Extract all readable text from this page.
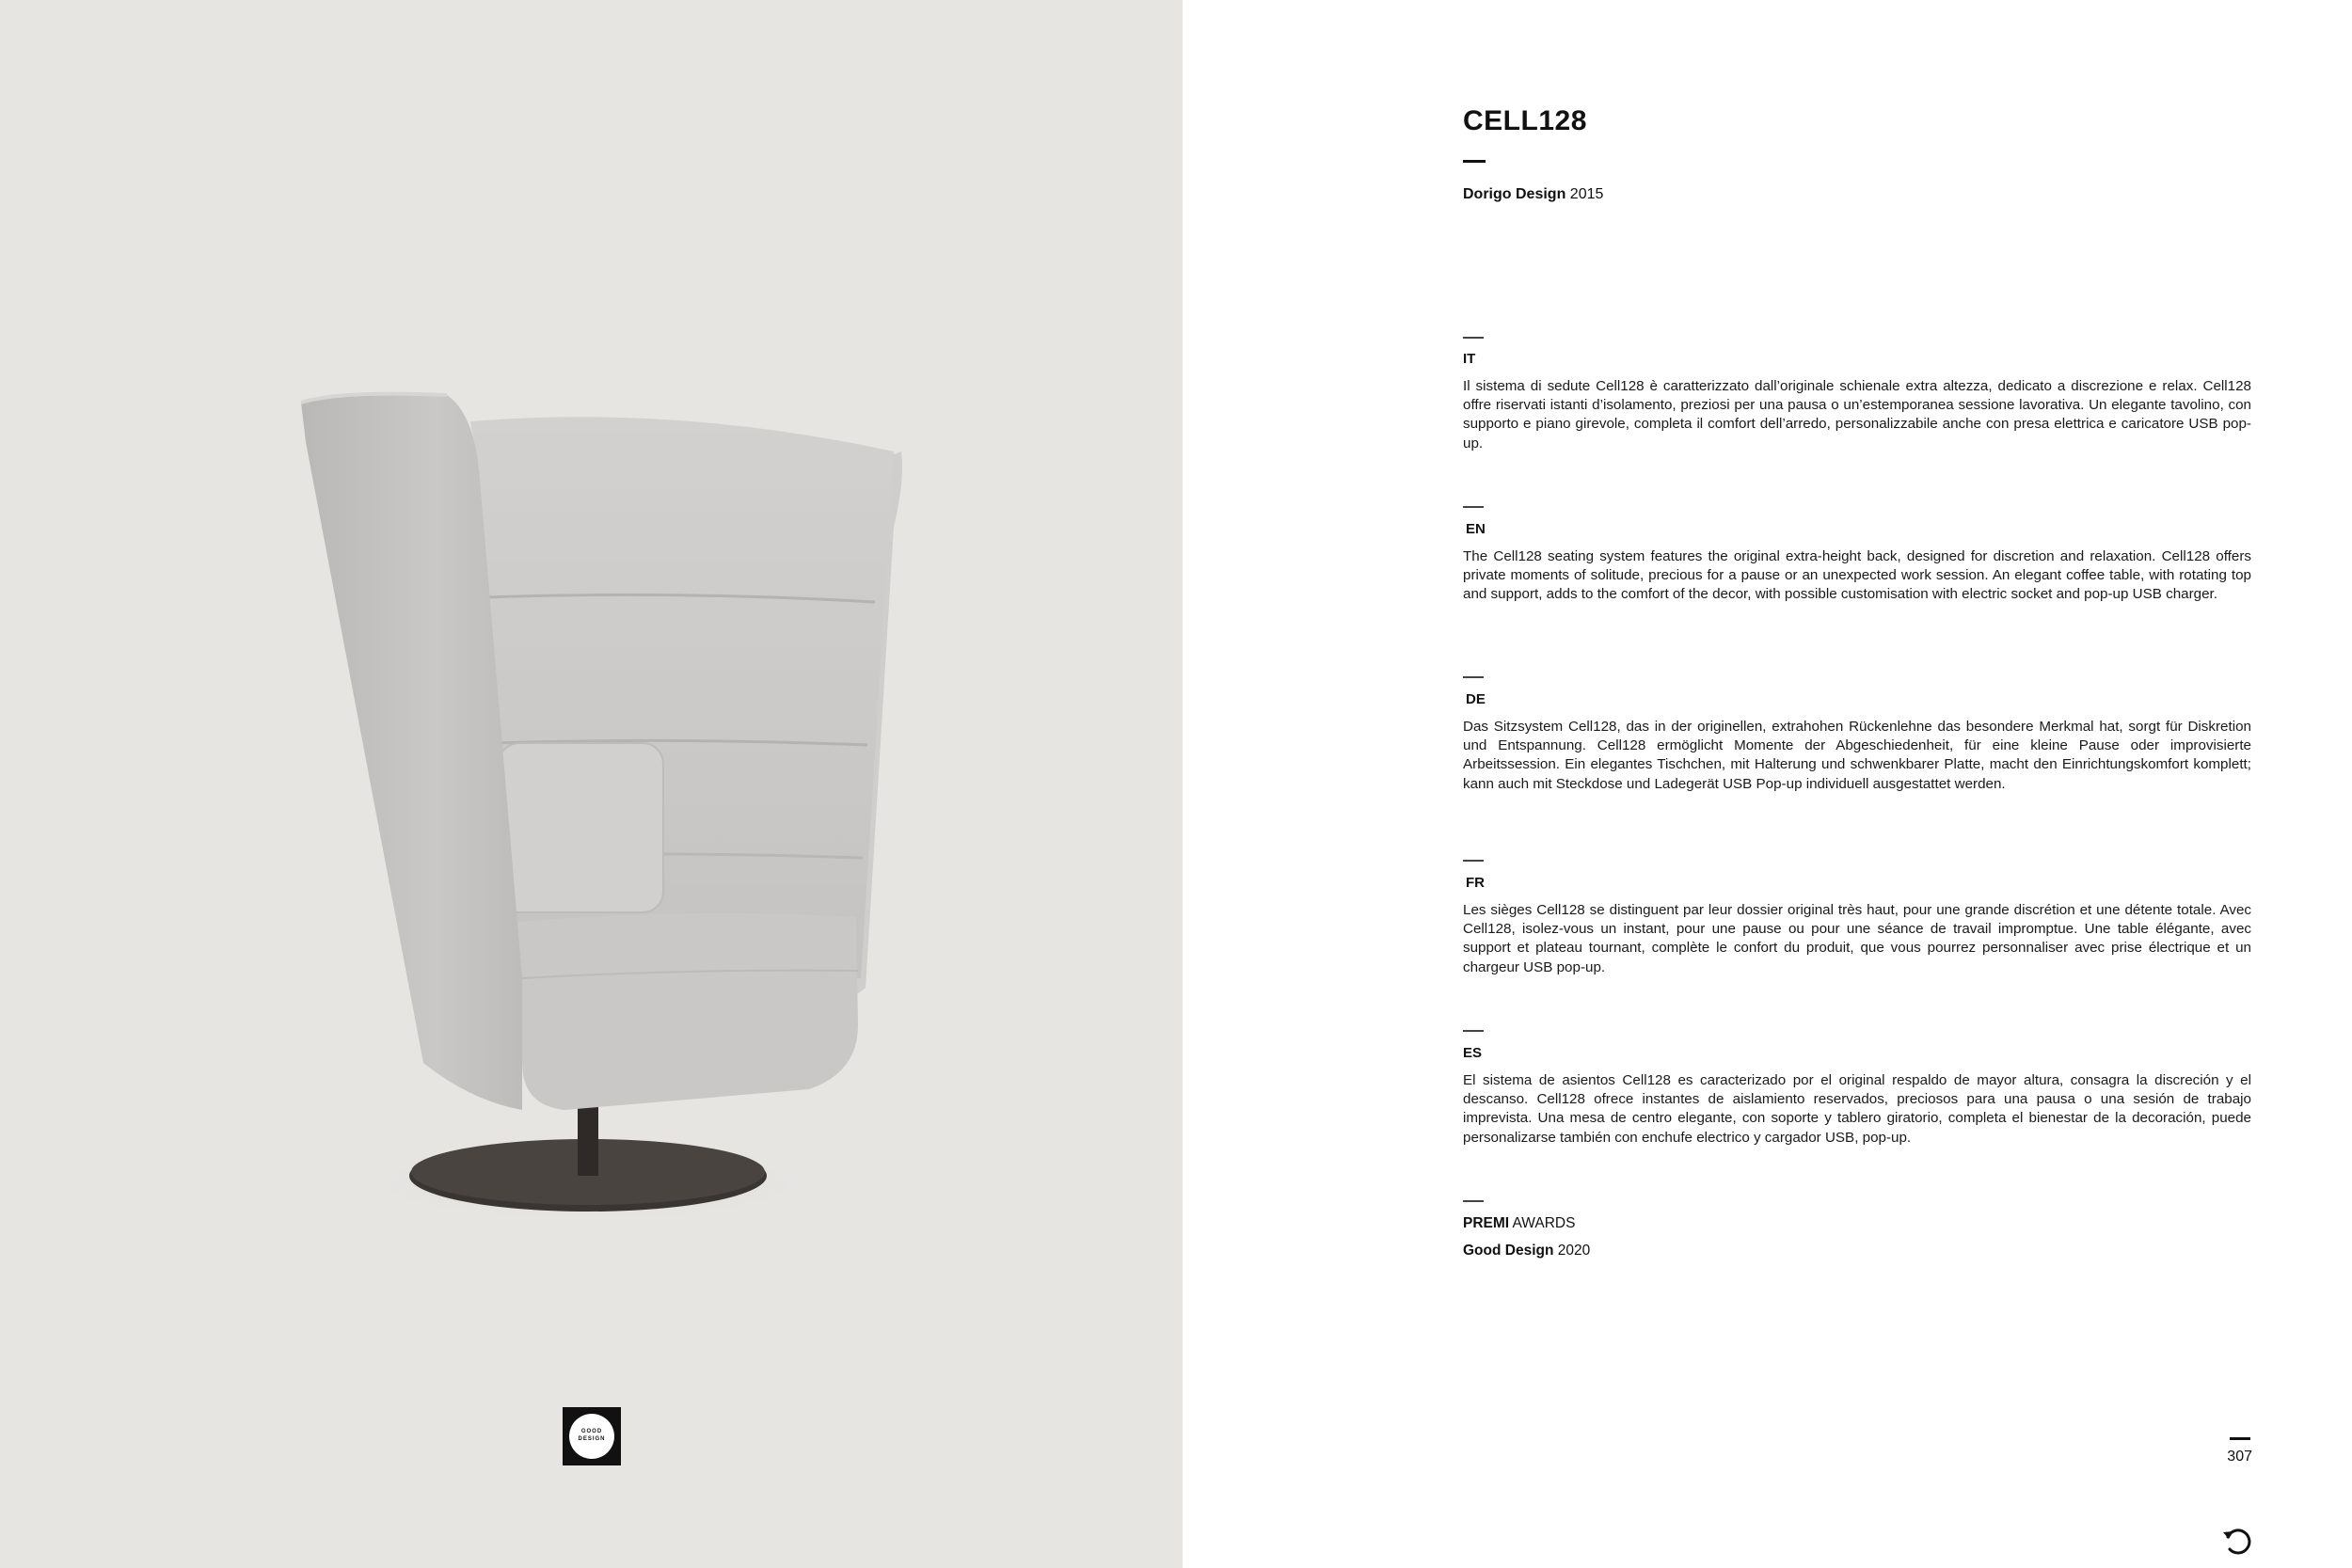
GOOD
DESIGN
CELL128
Dorigo Design 2015
IT
Il sistema di sedute Cell128 è caratterizzato dall’originale schienale extra altezza, dedicato a discrezione e relax. Cell128 offre riservati istanti d’isolamento, preziosi per una pausa o un’estemporanea sessione lavorativa. Un elegante tavolino, con supporto e piano girevole, completa il comfort dell’arredo, personalizzabile anche con presa elettrica e caricatore USB pop-up.
EN
The Cell128 seating system features the original extra-height back, designed for discretion and relaxation. Cell128 offers private moments of solitude, precious for a pause or an unexpected work session. An elegant coffee table, with rotating top and support, adds to the comfort of the decor, with possible customisation with electric socket and pop-up USB charger.
DE
Das Sitzsystem Cell128, das in der originellen, extrahohen Rückenlehne das besondere Merkmal hat, sorgt für Diskretion und Entspannung. Cell128 ermöglicht Momente der Abgeschiedenheit, für eine kleine Pause oder improvisierte Arbeitssession. Ein elegantes Tischchen, mit Halterung und schwenkbarer Platte, macht den Einrichtungskomfort komplett; kann auch mit Steckdose und Ladegerät USB Pop-up individuell ausgestattet werden.
FR
Les sièges Cell128 se distinguent par leur dossier original très haut, pour une grande discrétion et une détente totale. Avec Cell128, isolez-vous un instant, pour une pause ou pour une séance de travail impromptue. Une table élégante, avec support et plateau tournant, complète le confort du produit, que vous pourrez personnaliser avec prise électrique et un chargeur USB pop-up.
ES
El sistema de asientos Cell128 es caracterizado por el original respaldo de mayor altura, consagra la discreción y el descanso. Cell128 ofrece instantes de aislamiento reservados, preciosos para una pausa o una sesión de trabajo imprevista. Una mesa de centro elegante, con soporte y tablero giratorio, completa el bienestar de la decoración, puede personalizarse también con enchufe electrico y cargador USB, pop-up.
PREMI AWARDS
Good Design 2020
307
